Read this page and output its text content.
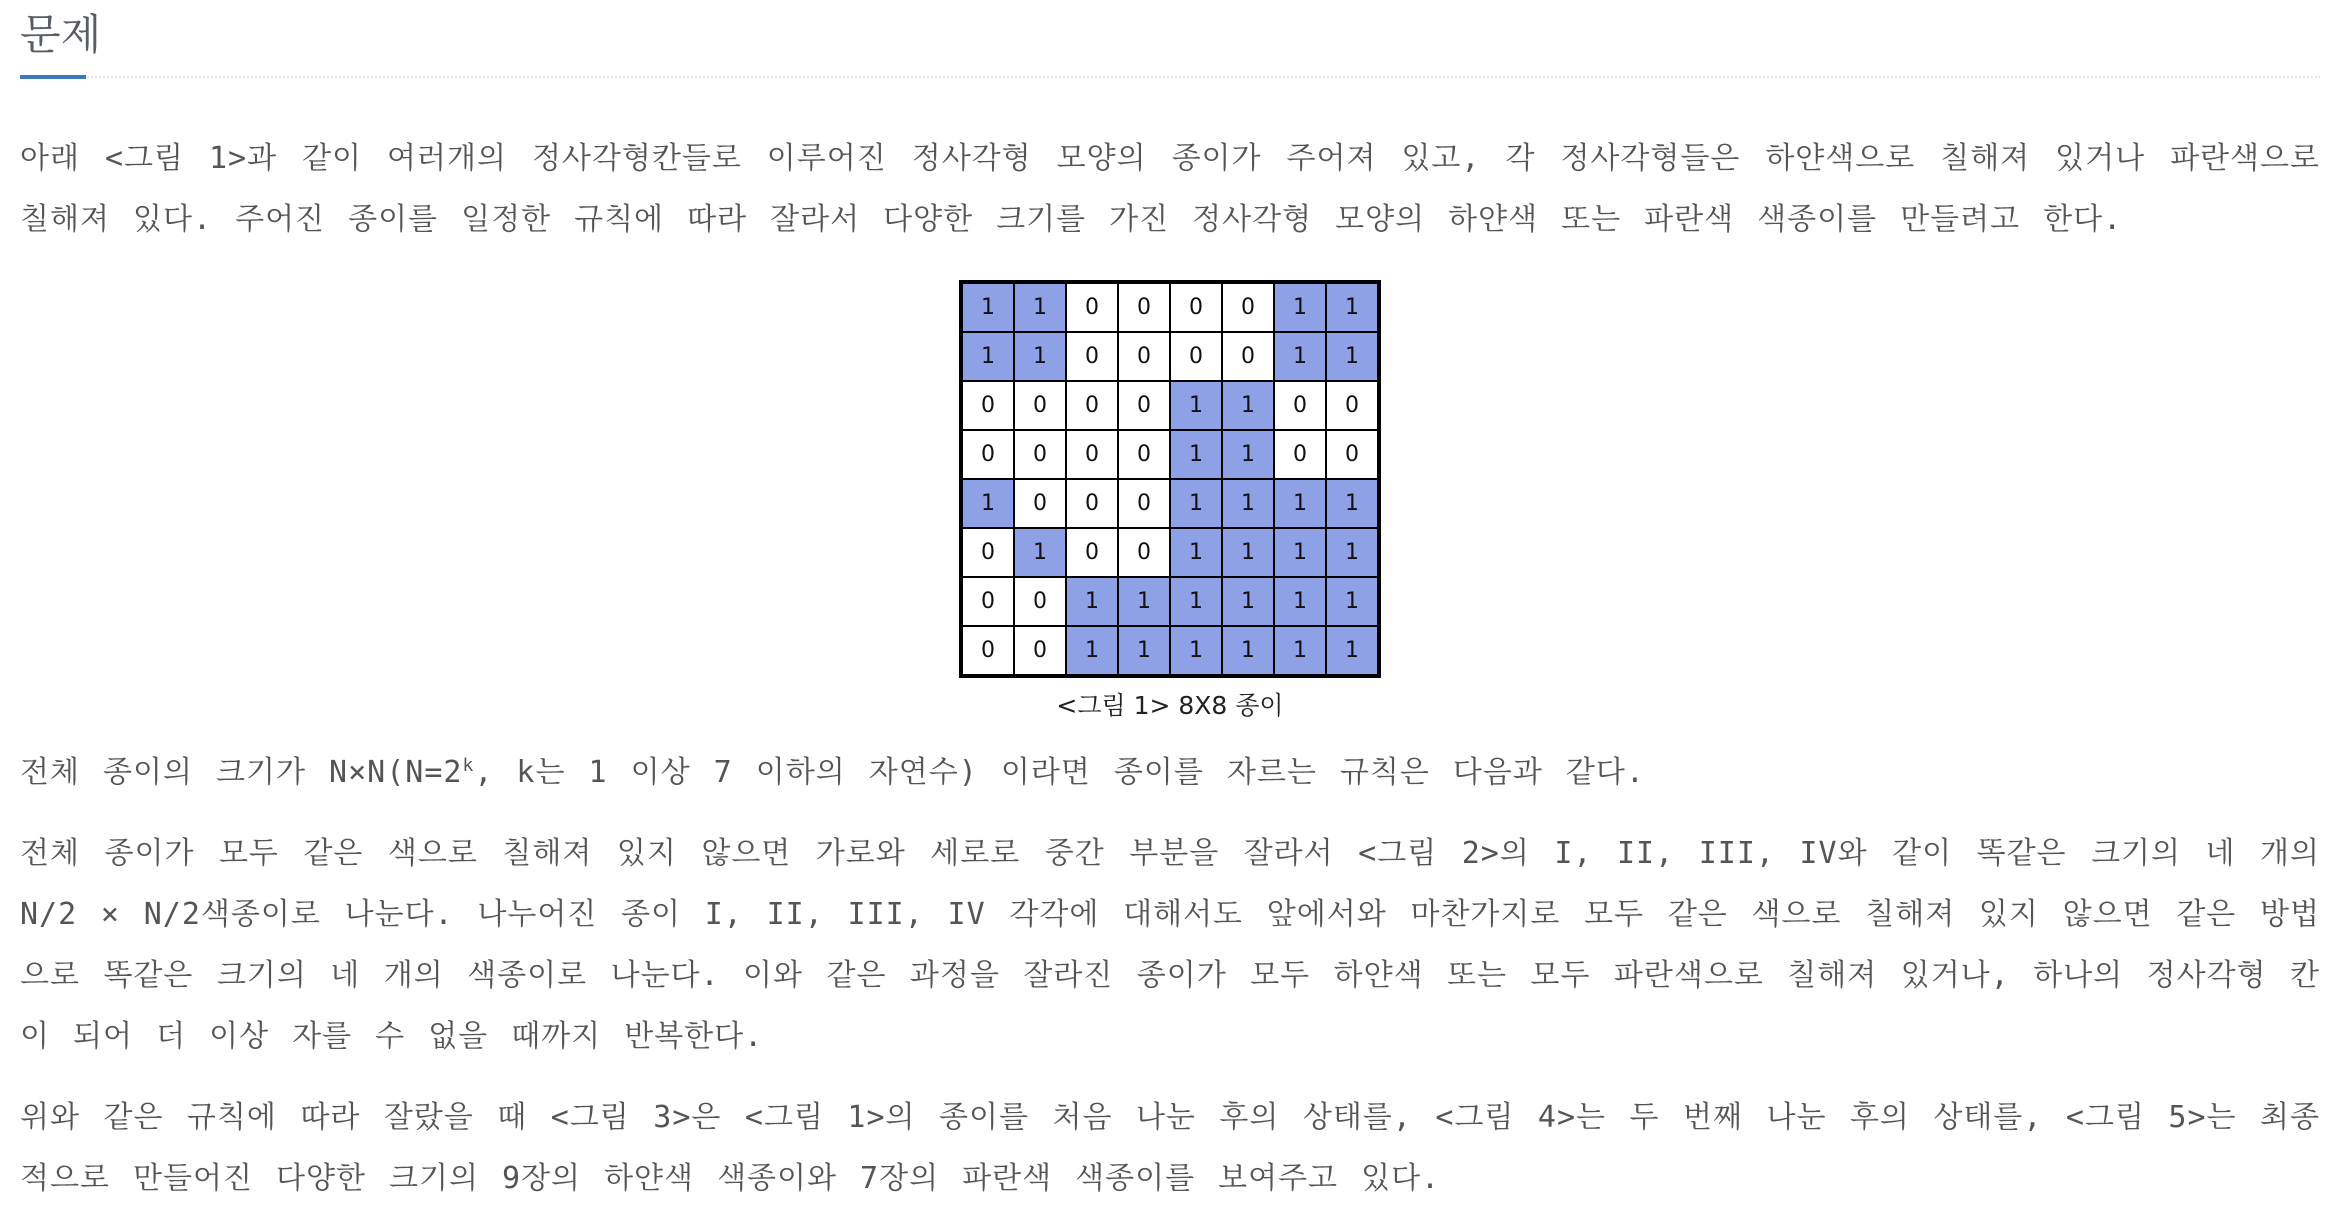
문제

아래 <그림 1>과 같이 여러개의 정사각형칸들로 이루어진 정사각형 모양의 종이가 주어져 있고, 각 정사각형들은 하얀색으로 칠해져 있거나 파란색으로 칠해져 있다. 주어진 종이를 일정한 규칙에 따라 잘라서 다양한 크기를 가진 정사각형 모양의 하얀색 또는 파란색 색종이를 만들려고 한다.

1	1	0	0	0	0	1	1
1	1	0	0	0	0	1	1
0	0	0	0	1	1	0	0
0	0	0	0	1	1	0	0
1	0	0	0	1	1	1	1
0	1	0	0	1	1	1	1
0	0	1	1	1	1	1	1
0	0	1	1	1	1	1	1
<그림 1> 8X8 종이

전체 종이의 크기가 $N\times N(N=2^k$, k는 1 이상 7 이하의 자연수) 이라면 종이를 자르는 규칙은 다음과 같다.

전체 종이가 모두 같은 색으로 칠해져 있지 않으면 가로와 세로로 중간 부분을 잘라서 <그림 2>의 I, II, III, IV와 같이 똑같은 크기의 네 개의 N/2 × N/2색종이로 나눈다. 나누어진 종이 I, II, III, IV 각각에 대해서도 앞에서와 마찬가지로 모두 같은 색으로 칠해져 있지 않으면 같은 방법으로 똑같은 크기의 네 개의 색종이로 나눈다. 이와 같은 과정을 잘라진 종이가 모두 하얀색 또는 모두 파란색으로 칠해져 있거나, 하나의 정사각형 칸이 되어 더 이상 자를 수 없을 때까지 반복한다.

위와 같은 규칙에 따라 잘랐을 때 <그림 3>은 <그림 1>의 종이를 처음 나눈 후의 상태를, <그림 4>는 두 번째 나눈 후의 상태를, <그림 5>는 최종적으로 만들어진 다양한 크기의 9장의 하얀색 색종이와 7장의 파란색 색종이를 보여주고 있다.
